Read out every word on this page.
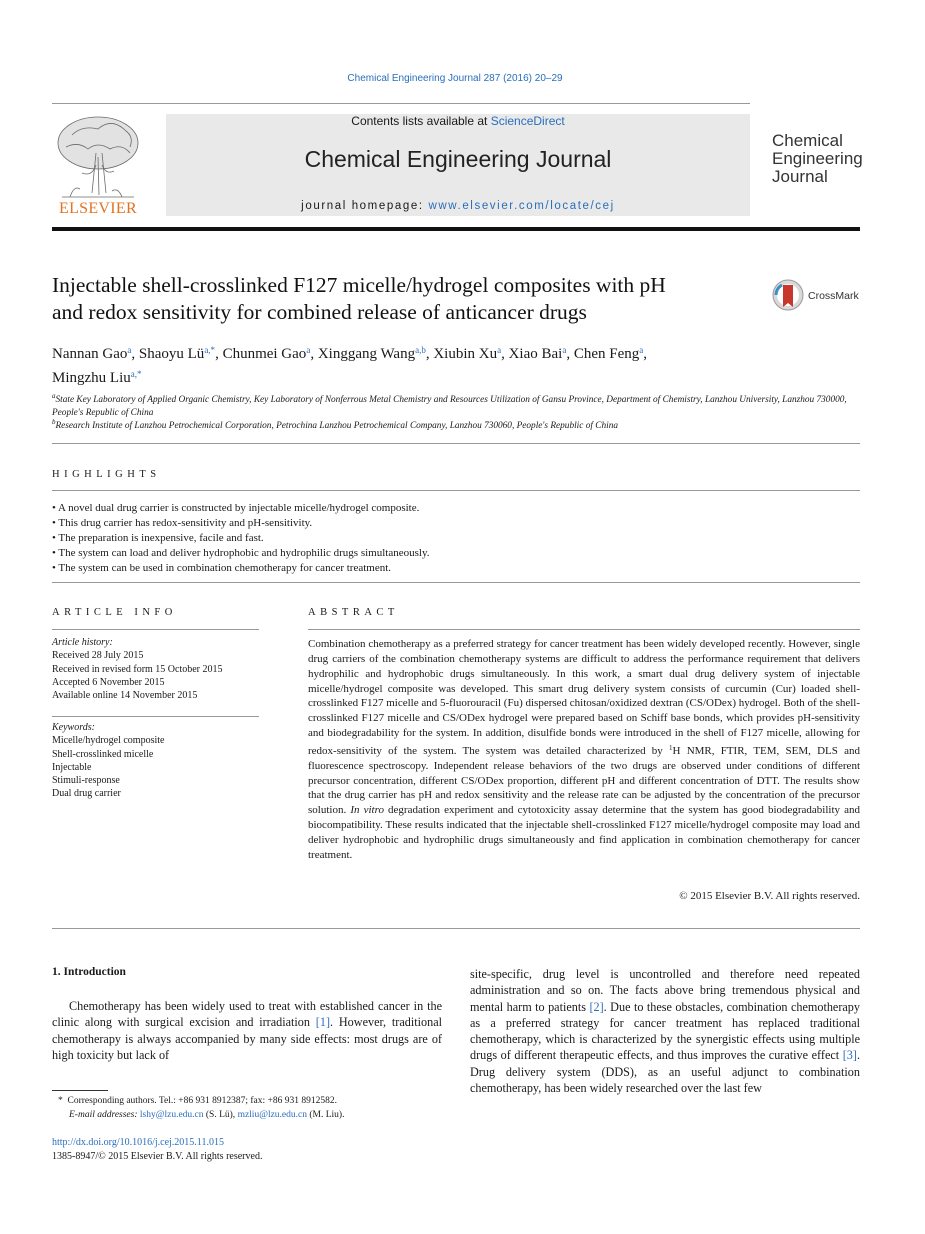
Chemical Engineering Journal 287 (2016) 20–29
ELSEVIER
Contents lists available at ScienceDirect
Chemical Engineering Journal
journal homepage: www.elsevier.com/locate/cej
Chemical
Engineering
Journal
Injectable shell-crosslinked F127 micelle/hydrogel composites with pH
and redox sensitivity for combined release of anticancer drugs
CrossMark
Nannan Gao$^a$, Shaoyu $Lü^{a,*}$, Chunmei Gao$^a$, Xinggang Wang$^{a,b}$, Xiubin Xu$^a$, Xiao Bai$^a$, Chen Feng$^a$,
Mingzhu Liu$^{a,*}$
$^a$State Key Laboratory of Applied Organic Chemistry, Key Laboratory of Nonferrous Metal Chemistry and Resources Utilization of Gansu Province, Department of Chemistry, Lanzhou University, Lanzhou 730000, People's Republic of China
$^b$Research Institute of Lanzhou Petrochemical Corporation, Petrochina Lanzhou Petrochemical Company, Lanzhou 730060, People's Republic of China
HIGHLIGHTS
• A novel dual drug carrier is constructed by injectable micelle/hydrogel composite.
• This drug carrier has redox-sensitivity and pH-sensitivity.
• The preparation is inexpensive, facile and fast.
• The system can load and deliver hydrophobic and hydrophilic drugs simultaneously.
• The system can be used in combination chemotherapy for cancer treatment.
ARTICLE INFO	ABSTRACT
Article history:
Received 28 July 2015
Received in revised form 15 October 2015
Accepted 6 November 2015
Available online 14 November 2015
Keywords:
Micelle/hydrogel composite
Shell-crosslinked micelle
Injectable
Stimuli-response
Dual drug carrier
Combination chemotherapy as a preferred strategy for cancer treatment has been widely developed recently. However, single drug carriers of the combination chemotherapy systems are difficult to address the performance requirement that delivers hydrophilic and hydrophobic drugs simultaneously. In this work, a smart dual drug delivery system of injectable micelle/hydrogel composite was developed. This smart drug delivery system consists of curcumin (Cur) loaded shell-crosslinked F127 micelle and 5-fluorouracil (Fu) dispersed chitosan/oxidized dextran (CS/ODex) hydrogel. Both of the shell-crosslinked F127 micelle and CS/ODex hydrogel were prepared based on Schiff base bonds, which provides pH-sensitivity and biodegradability for the system. In addition, disulfide bonds were introduced in the shell of F127 micelle, allowing for redox-sensitivity of the system. The system was detailed characterized by $^1$H NMR, FTIR, TEM, SEM, DLS and fluorescence spectroscopy. Independent release behaviors of the two drugs are observed under conditions of different precursor concentration, different CS/ODex proportion, different pH and different concentration of DTT. The results show that the drug carrier has pH and redox sensitivity and the release rate can be adjusted by the concentration of the precursor solution. In vitro degradation experiment and cytotoxicity assay determine that the system has good biodegradability and biocompatibility. These results indicated that the injectable shell-crosslinked F127 micelle/hydrogel composite may load and deliver hydrophobic and hydrophilic drugs simultaneously and find application in combination chemotherapy for cancer treatment.
© 2015 Elsevier B.V. All rights reserved.
1. Introduction
Chemotherapy has been widely used to treat with established cancer in the clinic along with surgical excision and irradiation [1]. However, traditional chemotherapy is always accompanied by many side effects: most drugs are of high toxicity but lack of
site-specific, drug level is uncontrolled and therefore need repeated administration and so on. The facts above bring tremendous physical and mental harm to patients [2]. Due to these obstacles, combination chemotherapy as a preferred strategy for cancer treatment has replaced traditional chemotherapy, which is characterized by the synergistic effects using multiple drugs of different therapeutic effects, and thus improves the curative effect [3]. Drug delivery system (DDS), as an useful adjunct to combination chemotherapy, has been widely researched over the last few
* Corresponding authors. Tel.: +86 931 8912387; fax: +86 931 8912582.
E-mail addresses: lshy@lzu.edu.cn (S. Lü), mzliu@lzu.edu.cn (M. Liu).
http://dx.doi.org/10.1016/j.cej.2015.11.015
1385-8947/© 2015 Elsevier B.V. All rights reserved.
